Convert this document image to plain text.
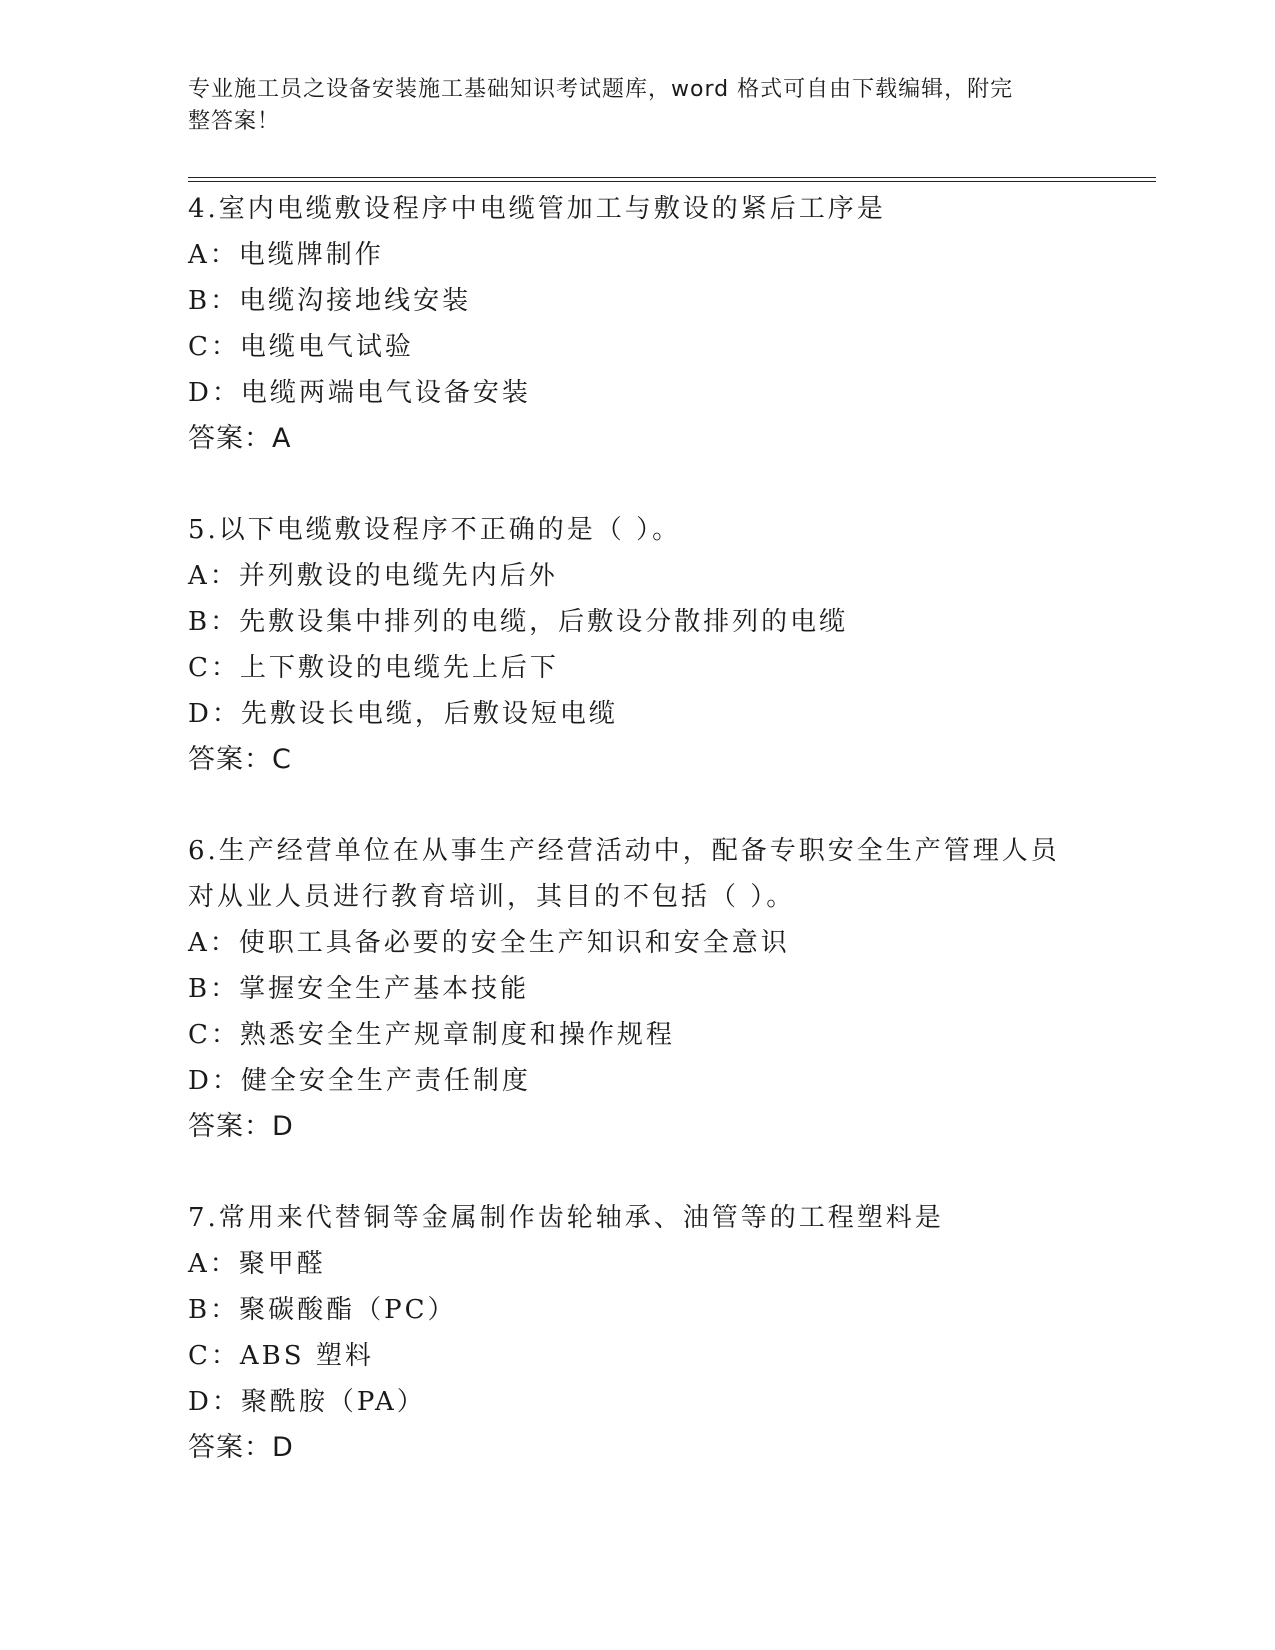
专业施工员之设备安装施工基础知识考试题库，word 格式可自由下载编辑，附完
整答案！
4.室内电缆敷设程序中电缆管加工与敷设的紧后工序是
A：电缆牌制作
B：电缆沟接地线安装
C：电缆电气试验
D：电缆两端电气设备安装
答案：A
5.以下电缆敷设程序不正确的是（ ）。
A：并列敷设的电缆先内后外
B：先敷设集中排列的电缆，后敷设分散排列的电缆
C：上下敷设的电缆先上后下
D：先敷设长电缆，后敷设短电缆
答案：C
6.生产经营单位在从事生产经营活动中，配备专职安全生产管理人员
对从业人员进行教育培训，其目的不包括（ ）。
A：使职工具备必要的安全生产知识和安全意识
B：掌握安全生产基本技能
C：熟悉安全生产规章制度和操作规程
D：健全安全生产责任制度
答案：D
7.常用来代替铜等金属制作齿轮轴承、油管等的工程塑料是
A：聚甲醛
B：聚碳酸酯（PC）
C：ABS 塑料
D：聚酰胺（PA）
答案：D
